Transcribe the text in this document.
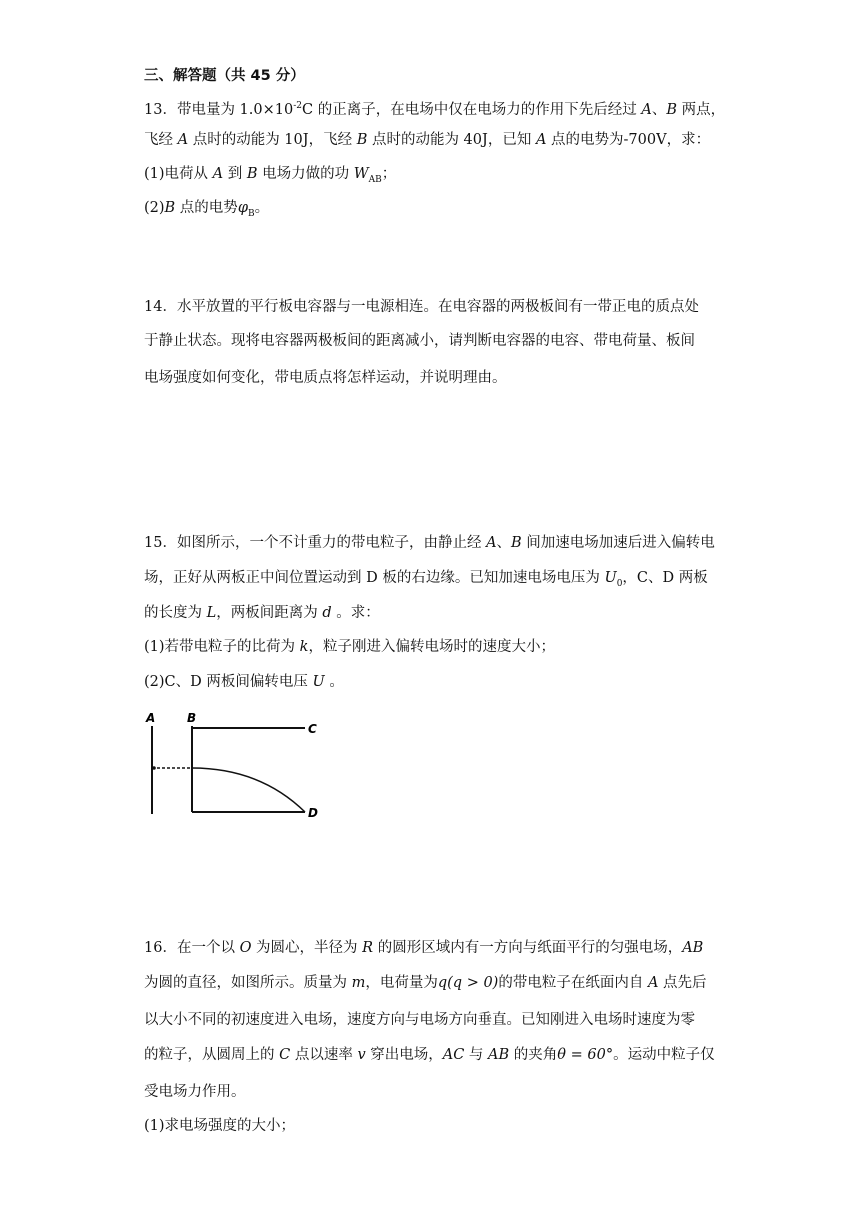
三、解答题（共 45 分）
13．带电量为 $1.0\times 10^{-2}C$ 的正离子，在电场中仅在电场力的作用下先后经过 A、B 两点，
飞经 A 点时的动能为 10J，飞经 B 点时的动能为 40J，已知 A 点的电势为-700V，求：
(1)电荷从 A 到 B 电场力做的功 $W_{AB}$；
(2)B 点的电势$\varphi_B$。
14．水平放置的平行板电容器与一电源相连。在电容器的两极板间有一带正电的质点处
于静止状态。现将电容器两极板间的距离减小，请判断电容器的电容、带电荷量、板间
电场强度如何变化，带电质点将怎样运动，并说明理由。
15．如图所示，一个不计重力的带电粒子，由静止经 A、B 间加速电场加速后进入偏转电
场，正好从两板正中间位置运动到 D 板的右边缘。已知加速电场电压为 $U_0$，C、D 两板
的长度为 L，两板间距离为 d 。求：
(1)若带电粒子的比荷为 k，粒子刚进入偏转电场时的速度大小；
(2)C、D 两板间偏转电压 U 。
A	B
C
D
16．在一个以 O 为圆心，半径为 R 的圆形区域内有一方向与纸面平行的匀强电场，AB
为圆的直径，如图所示。质量为 m，电荷量为q(q > 0)的带电粒子在纸面内自 A 点先后
以大小不同的初速度进入电场，速度方向与电场方向垂直。已知刚进入电场时速度为零
的粒子，从圆周上的 C 点以速率 v 穿出电场，AC 与 AB 的夹角θ = 60°。运动中粒子仅
受电场力作用。
(1)求电场强度的大小；
